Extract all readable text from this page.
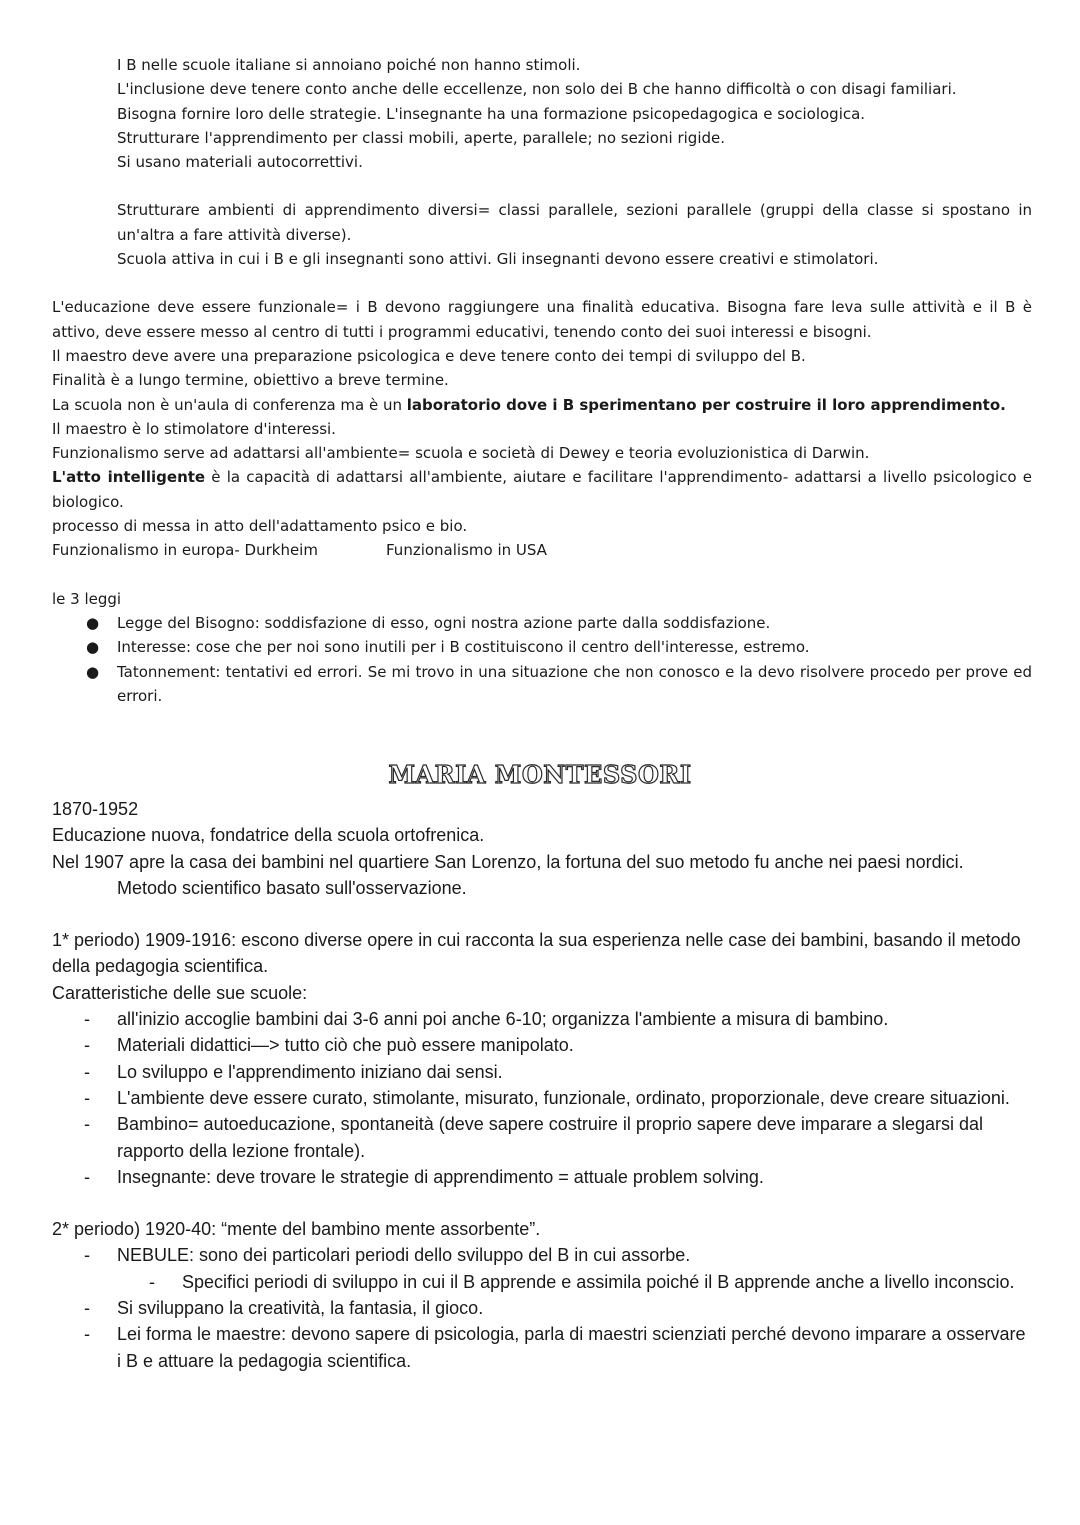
I B nelle scuole italiane si annoiano poiché non hanno stimoli.

L'inclusione deve tenere conto anche delle eccellenze, non solo dei B che hanno difficoltà o con disagi familiari.

Bisogna fornire loro delle strategie. L'insegnante ha una formazione psicopedagogica e sociologica.

Strutturare l'apprendimento per classi mobili, aperte, parallele; no sezioni rigide.

Si usano materiali autocorrettivi.

Strutturare ambienti di apprendimento diversi= classi parallele, sezioni parallele (gruppi della classe si spostano in un'altra a fare attività diverse).

Scuola attiva in cui i B e gli insegnanti sono attivi. Gli insegnanti devono essere creativi e stimolatori.

L'educazione deve essere funzionale= i B devono raggiungere una finalità educativa. Bisogna fare leva sulle attività e il B è attivo, deve essere messo al centro di tutti i programmi educativi, tenendo conto dei suoi interessi e bisogni.

Il maestro deve avere una preparazione psicologica e deve tenere conto dei tempi di sviluppo del B.

Finalità è a lungo termine, obiettivo a breve termine.

La scuola non è un'aula di conferenza ma è un laboratorio dove i B sperimentano per costruire il loro apprendimento.

Il maestro è lo stimolatore d'interessi.

Funzionalismo serve ad adattarsi all'ambiente= scuola e società di Dewey e teoria evoluzionistica di Darwin.

L'atto intelligente è la capacità di adattarsi all'ambiente, aiutare e facilitare l'apprendimento- adattarsi a livello psicologico e biologico.

processo di messa in atto dell'adattamento psico e bio.

Funzionalismo in europa- Durkheim	Funzionalismo in USA

le 3 leggi

● Legge del Bisogno: soddisfazione di esso, ogni nostra azione parte dalla soddisfazione.
● Interesse: cose che per noi sono inutili per i B costituiscono il centro dell'interesse, estremo.
● Tatonnement: tentativi ed errori. Se mi trovo in una situazione che non conosco e la devo risolvere procedo per prove ed errori.
MARIA MONTESSORI

1870-1952

Educazione nuova, fondatrice della scuola ortofrenica.

Nel 1907 apre la casa dei bambini nel quartiere San Lorenzo, la fortuna del suo metodo fu anche nei paesi nordici.

Metodo scientifico basato sull'osservazione.

1* periodo) 1909-1916: escono diverse opere in cui racconta la sua esperienza nelle case dei bambini, basando il metodo della pedagogia scientifica.

Caratteristiche delle sue scuole:

- all'inizio accoglie bambini dai 3-6 anni poi anche 6-10; organizza l'ambiente a misura di bambino.
- Materiali didattici—> tutto ciò che può essere manipolato.
- Lo sviluppo e l'apprendimento iniziano dai sensi.
- L'ambiente deve essere curato, stimolante, misurato, funzionale, ordinato, proporzionale, deve creare situazioni.
- Bambino= autoeducazione, spontaneità (deve sapere costruire il proprio sapere deve imparare a slegarsi dal rapporto della lezione frontale).
- Insegnante: deve trovare le strategie di apprendimento = attuale problem solving.

2* periodo) 1920-40: “mente del bambino mente assorbente”.

- NEBULE: sono dei particolari periodi dello sviluppo del B in cui assorbe.
- Specifici periodi di sviluppo in cui il B apprende e assimila poiché il B apprende anche a livello inconscio.
- Si sviluppano la creatività, la fantasia, il gioco.
- Lei forma le maestre: devono sapere di psicologia, parla di maestri scienziati perché devono imparare a osservare i B e attuare la pedagogia scientifica.
